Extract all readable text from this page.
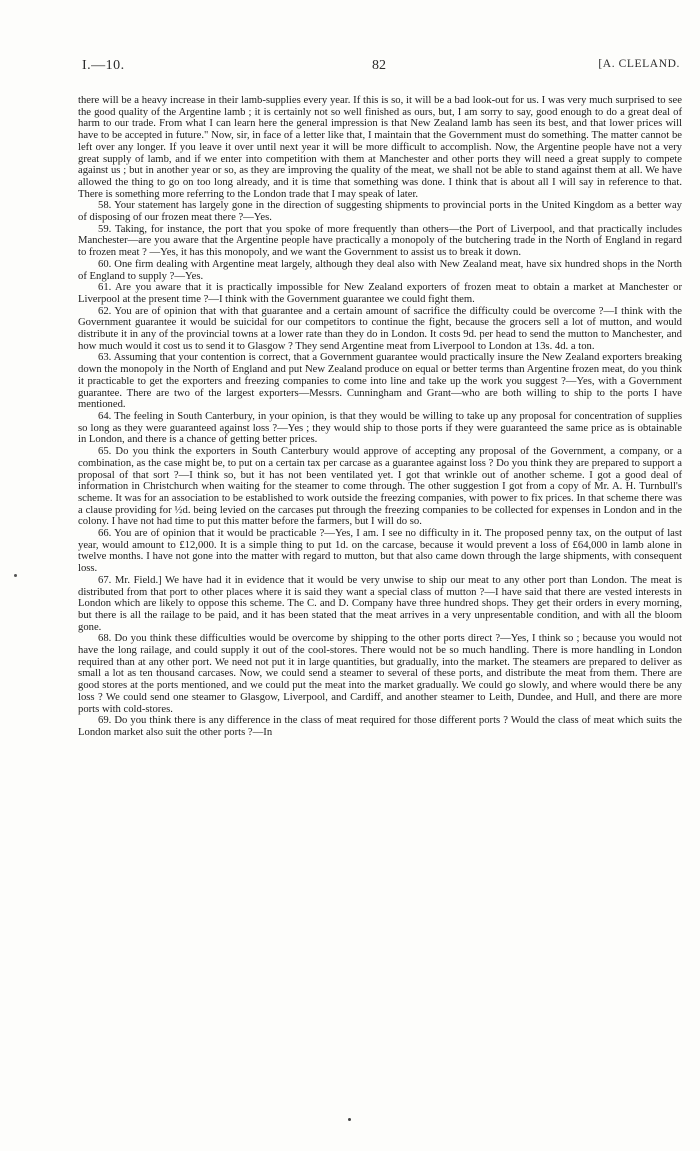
I.—10.	82	[A. CLELAND.

there will be a heavy increase in their lamb-supplies every year. If this is so, it will be a bad look-out for us. I was very much surprised to see the good quality of the Argentine lamb ; it is certainly not so well finished as ours, but, I am sorry to say, good enough to do a great deal of harm to our trade. From what I can learn here the general impression is that New Zealand lamb has seen its best, and that lower prices will have to be accepted in future." Now, sir, in face of a letter like that, I maintain that the Government must do something. The matter cannot be left over any longer. If you leave it over until next year it will be more difficult to accomplish. Now, the Argentine people have not a very great supply of lamb, and if we enter into competition with them at Manchester and other ports they will need a great supply to compete against us ; but in another year or so, as they are improving the quality of the meat, we shall not be able to stand against them at all. We have allowed the thing to go on too long already, and it is time that something was done. I think that is about all I will say in reference to that. There is something more referring to the London trade that I may speak of later.

58. Your statement has largely gone in the direction of suggesting shipments to provincial ports in the United Kingdom as a better way of disposing of our frozen meat there ?—Yes.

59. Taking, for instance, the port that you spoke of more frequently than others—the Port of Liverpool, and that practically includes Manchester—are you aware that the Argentine people have practically a monopoly of the butchering trade in the North of England in regard to frozen meat ? —Yes, it has this monopoly, and we want the Government to assist us to break it down.

60. One firm dealing with Argentine meat largely, although they deal also with New Zealand meat, have six hundred shops in the North of England to supply ?—Yes.

61. Are you aware that it is practically impossible for New Zealand exporters of frozen meat to obtain a market at Manchester or Liverpool at the present time ?—I think with the Government guarantee we could fight them.

62. You are of opinion that with that guarantee and a certain amount of sacrifice the difficulty could be overcome ?—I think with the Government guarantee it would be suicidal for our competitors to continue the fight, because the grocers sell a lot of mutton, and would distribute it in any of the provincial towns at a lower rate than they do in London. It costs 9d. per head to send the mutton to Manchester, and how much would it cost us to send it to Glasgow ? They send Argentine meat from Liverpool to London at 13s. 4d. a ton.

63. Assuming that your contention is correct, that a Government guarantee would practically insure the New Zealand exporters breaking down the monopoly in the North of England and put New Zealand produce on equal or better terms than Argentine frozen meat, do you think it practicable to get the exporters and freezing companies to come into line and take up the work you suggest ?—Yes, with a Government guarantee. There are two of the largest exporters—Messrs. Cunningham and Grant—who are both willing to ship to the ports I have mentioned.

64. The feeling in South Canterbury, in your opinion, is that they would be willing to take up any proposal for concentration of supplies so long as they were guaranteed against loss ?—Yes ; they would ship to those ports if they were guaranteed the same price as is obtainable in London, and there is a chance of getting better prices.

65. Do you think the exporters in South Canterbury would approve of accepting any proposal of the Government, a company, or a combination, as the case might be, to put on a certain tax per carcase as a guarantee against loss ? Do you think they are prepared to support a proposal of that sort ?—I think so, but it has not been ventilated yet. I got that wrinkle out of another scheme. I got a good deal of information in Christchurch when waiting for the steamer to come through. The other suggestion I got from a copy of Mr. A. H. Turnbull's scheme. It was for an association to be established to work outside the freezing companies, with power to fix prices. In that scheme there was a clause providing for ½d. being levied on the carcases put through the freezing companies to be collected for expenses in London and in the colony. I have not had time to put this matter before the farmers, but I will do so.

66. You are of opinion that it would be practicable ?—Yes, I am. I see no difficulty in it. The proposed penny tax, on the output of last year, would amount to £12,000. It is a simple thing to put 1d. on the carcase, because it would prevent a loss of £64,000 in lamb alone in twelve months. I have not gone into the matter with regard to mutton, but that also came down through the large shipments, with consequent loss.

67. Mr. Field.] We have had it in evidence that it would be very unwise to ship our meat to any other port than London. The meat is distributed from that port to other places where it is said they want a special class of mutton ?—I have said that there are vested interests in London which are likely to oppose this scheme. The C. and D. Company have three hundred shops. They get their orders in every morning, but there is all the railage to be paid, and it has been stated that the meat arrives in a very unpresentable condition, and with all the bloom gone.

68. Do you think these difficulties would be overcome by shipping to the other ports direct ?—Yes, I think so ; because you would not have the long railage, and could supply it out of the cool-stores. There would not be so much handling. There is more handling in London required than at any other port. We need not put it in large quantities, but gradually, into the market. The steamers are prepared to deliver as small a lot as ten thousand carcases. Now, we could send a steamer to several of these ports, and distribute the meat from them. There are good stores at the ports mentioned, and we could put the meat into the market gradually. We could go slowly, and where would there be any loss ? We could send one steamer to Glasgow, Liverpool, and Cardiff, and another steamer to Leith, Dundee, and Hull, and there are more ports with cold-stores.

69. Do you think there is any difference in the class of meat required for those different ports ? Would the class of meat which suits the London market also suit the other ports ?—In
